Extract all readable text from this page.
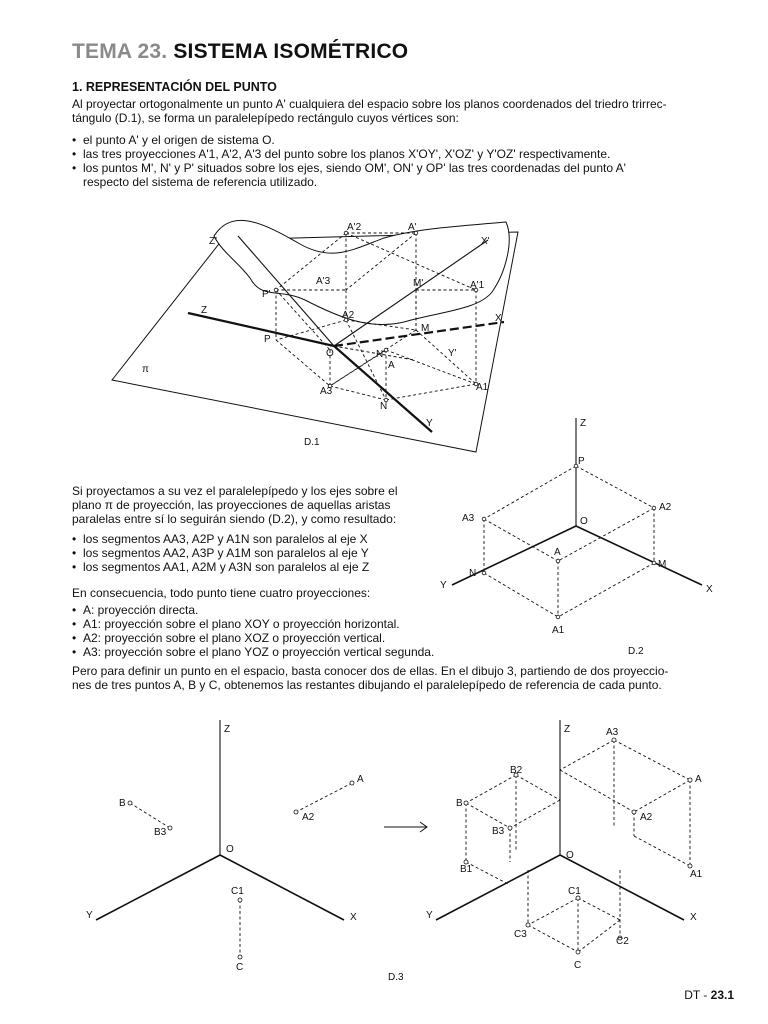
TEMA 23. SISTEMA ISOMÉTRICO
1. REPRESENTACIÓN DEL PUNTO
Al proyectar ortogonalmente un punto A' cualquiera del espacio sobre los planos coordenados del triedro trirrec-
tángulo (D.1), se forma un paralelepípedo rectángulo cuyos vértices son:
• el punto A' y el origen de sistema O.
• las tres proyecciones A'1, A'2, A'3 del punto sobre los planos X'OY', X'OZ' y Y'OZ' respectivamente.
• los puntos M', N' y P' situados sobre los ejes, siendo OM', ON' y OP' las tres coordenadas del punto A'
respecto del sistema de referencia utilizado.
Z'	X'
A'2	A'
A'3
P'
M'	A'1
Z
X
A2
M
P
O	N'	Y'
A
π
A3	A1
N
Y
D.1
Si proyectamos a su vez el paralelepípedo y los ejes sobre el
plano π de proyección, las proyecciones de aquellas aristas
paralelas entre sí lo seguirán siendo (D.2), y como resultado:
• los segmentos AA3, A2P y A1N son paralelos al eje X
• los segmentos AA2, A3P y A1M son paralelos al eje Y
• los segmentos AA1, A2M y A3N son paralelos al eje Z
En consecuencia, todo punto tiene cuatro proyecciones:
• A: proyección directa.
• A1: proyección sobre el plano XOY o proyección horizontal.
• A2: proyección sobre el plano XOZ o proyección vertical.
• A3: proyección sobre el plano YOZ o proyección vertical segunda.
Z
P
A2
A3	O
A
M
N
Y	X
A1
D.2
Pero para definir un punto en el espacio, basta conocer dos de ellas. En el dibujo 3, partiendo de dos proyeccio-
nes de tres puntos A, B y C, obtenemos las restantes dibujando el paralelepípedo de referencia de cada punto.
Z
A
B
B3
A2
O
C1
Y	X
C
D.3
Z	A3
B2
A
B
A2
B3
O
B1	A1
C1
Y	X
C3
C2
C
DT - 23.1
